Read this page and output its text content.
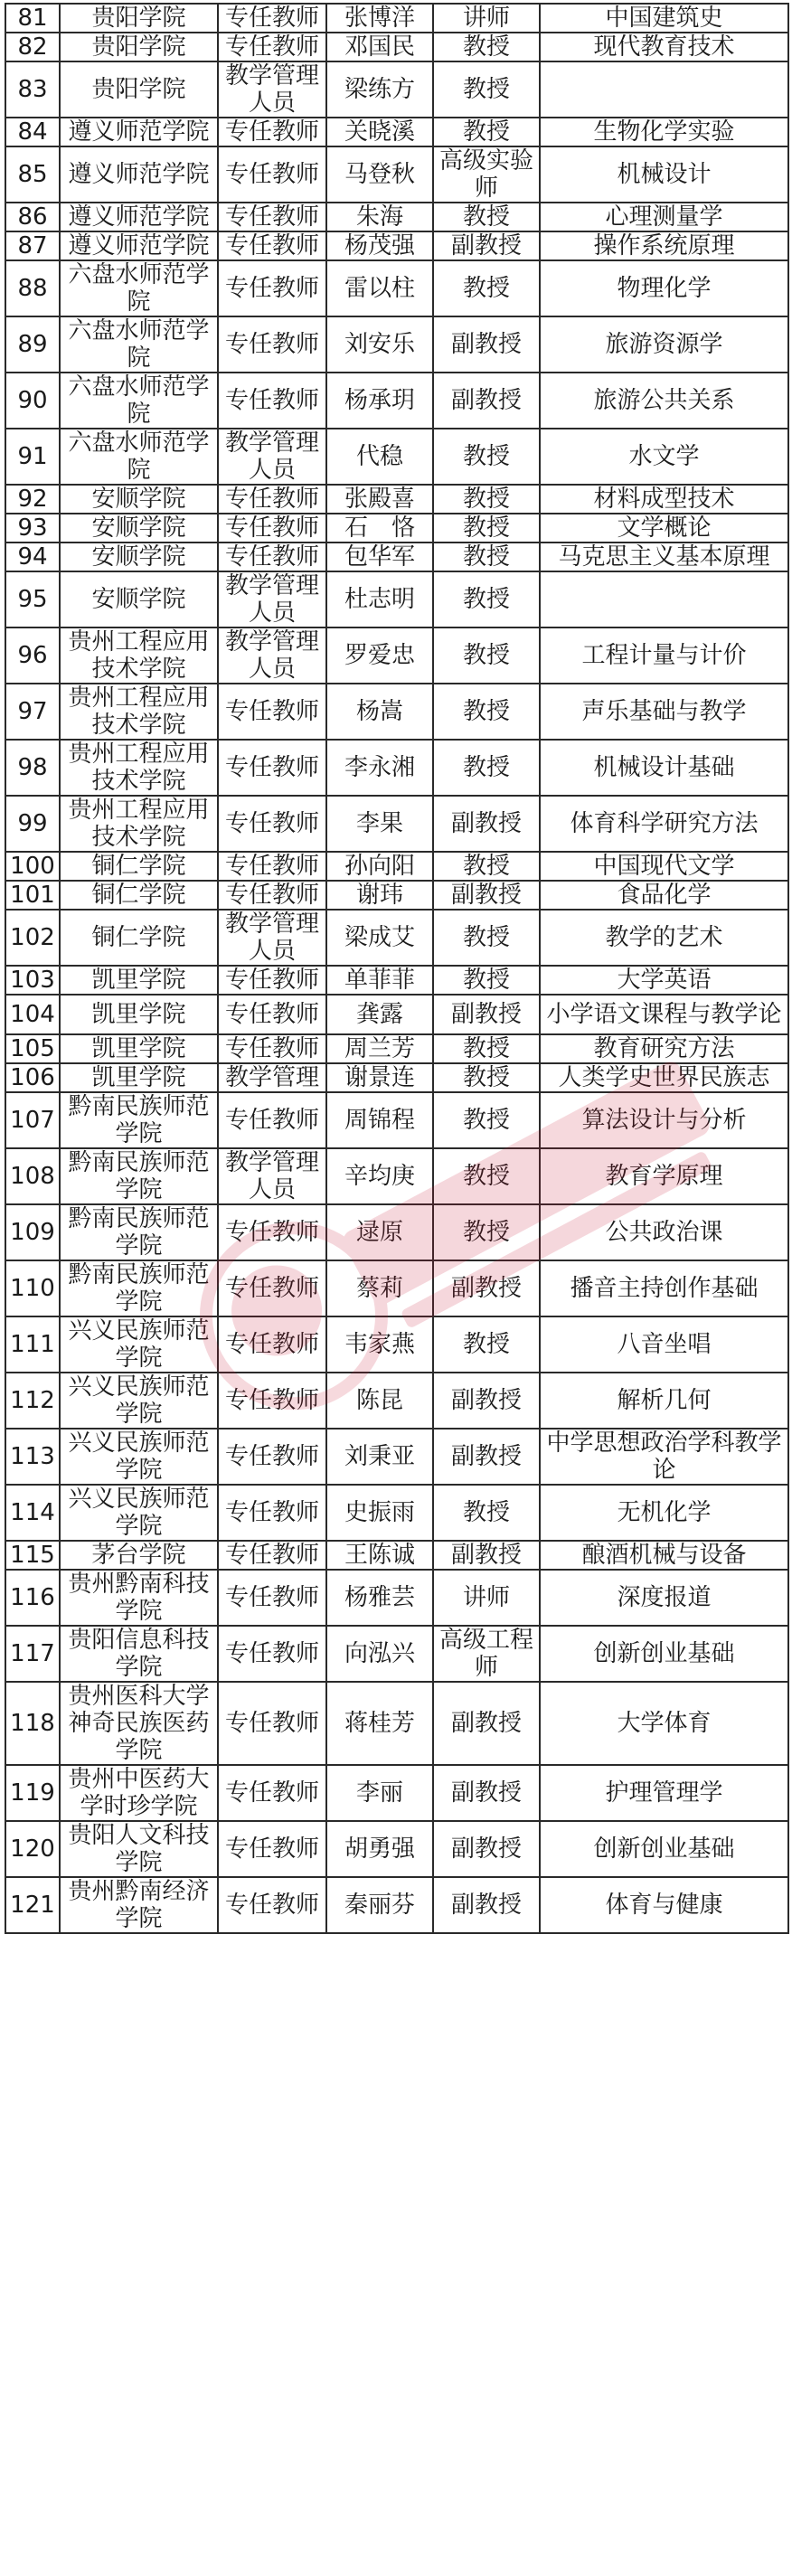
81	贵阳学院	专任教师	张博洋	讲师	中国建筑史
82	贵阳学院	专任教师	邓国民	教授	现代教育技术
83	贵阳学院	教学管理人员	梁练方	教授	
84	遵义师范学院	专任教师	关晓溪	教授	生物化学实验
85	遵义师范学院	专任教师	马登秋	高级实验师	机械设计
86	遵义师范学院	专任教师	朱海	教授	心理测量学
87	遵义师范学院	专任教师	杨茂强	副教授	操作系统原理
88	六盘水师范学院	专任教师	雷以柱	教授	物理化学
89	六盘水师范学院	专任教师	刘安乐	副教授	旅游资源学
90	六盘水师范学院	专任教师	杨承玥	副教授	旅游公共关系
91	六盘水师范学院	教学管理人员	代稳	教授	水文学
92	安顺学院	专任教师	张殿喜	教授	材料成型技术
93	安顺学院	专任教师	石　恪	教授	文学概论
94	安顺学院	专任教师	包华军	教授	马克思主义基本原理
95	安顺学院	教学管理人员	杜志明	教授	
96	贵州工程应用技术学院	教学管理人员	罗爱忠	教授	工程计量与计价
97	贵州工程应用技术学院	专任教师	杨嵩	教授	声乐基础与教学
98	贵州工程应用技术学院	专任教师	李永湘	教授	机械设计基础
99	贵州工程应用技术学院	专任教师	李果	副教授	体育科学研究方法
100	铜仁学院	专任教师	孙向阳	教授	中国现代文学
101	铜仁学院	专任教师	谢玮	副教授	食品化学
102	铜仁学院	教学管理人员	梁成艾	教授	教学的艺术
103	凯里学院	专任教师	单菲菲	教授	大学英语
104	凯里学院	专任教师	龚露	副教授	小学语文课程与教学论
105	凯里学院	专任教师	周兰芳	教授	教育研究方法
106	凯里学院	教学管理	谢景连	教授	人类学史世界民族志
107	黔南民族师范学院	专任教师	周锦程	教授	算法设计与分析
108	黔南民族师范学院	教学管理人员	辛均庚	教授	教育学原理
109	黔南民族师范学院	专任教师	逯原	教授	公共政治课
110	黔南民族师范学院	专任教师	蔡莉	副教授	播音主持创作基础
111	兴义民族师范学院	专任教师	韦家燕	教授	八音坐唱
112	兴义民族师范学院	专任教师	陈昆	副教授	解析几何
113	兴义民族师范学院	专任教师	刘秉亚	副教授	中学思想政治学科教学论
114	兴义民族师范学院	专任教师	史振雨	教授	无机化学
115	茅台学院	专任教师	王陈诚	副教授	酿酒机械与设备
116	贵州黔南科技学院	专任教师	杨雅芸	讲师	深度报道
117	贵阳信息科技学院	专任教师	向泓兴	高级工程师	创新创业基础
118	贵州医科大学神奇民族医药学院	专任教师	蒋桂芳	副教授	大学体育
119	贵州中医药大学时珍学院	专任教师	李丽	副教授	护理管理学
120	贵阳人文科技学院	专任教师	胡勇强	副教授	创新创业基础
121	贵州黔南经济学院	专任教师	秦丽芬	副教授	体育与健康
